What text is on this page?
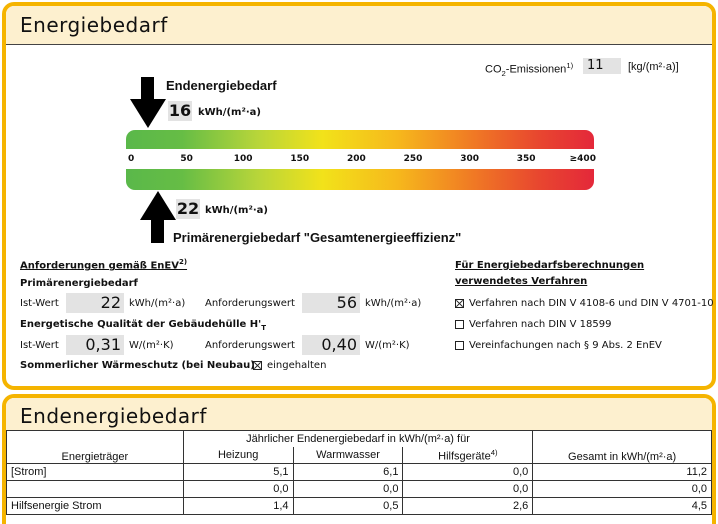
Energiebedarf
$CO_2-Emissionen^{1)}$	11	[kg/(m²·a)]
Endenergiebedarf
16 kWh/(m²·a)
0	50	100	150	200	250	300	350	≥400
22 kWh/(m²·a)
Primärenergiebedarf "Gesamtenergieeffizienz"
Anforderungen gemäß EnEV$^{2)}$
Primärenergiebedarf
Ist-Wert	22 kWh/(m²·a) Anforderungswert	56 kWh/(m²·a)
Energetische Qualität der Gebäudehülle $H'_T$
Ist-Wert	0,31 W/(m²·K)	Anforderungswert	0,40 W/(m²·K)
Sommerlicher Wärmeschutz (bei Neubau)	eingehalten
Für Energiebedarfsberechnungen
verwendetes Verfahren
Verfahren nach DIN V 4108-6 und DIN V 4701-10
Verfahren nach DIN V 18599
Vereinfachungen nach § 9 Abs. 2 EnEV
Endenergiebedarf
Energieträger	Jährlicher Endenergiebedarf in kWh/(m²·a) für			Gesamt in kWh/(m²·a)
	Heizung	Warmwasser	Hilfsgeräte$^{4)}$
[Strom]	5,1	6,1	0,0	11,2
	0,0	0,0	0,0	0,0
Hilfsenergie Strom	1,4	0,5	2,6	4,5
